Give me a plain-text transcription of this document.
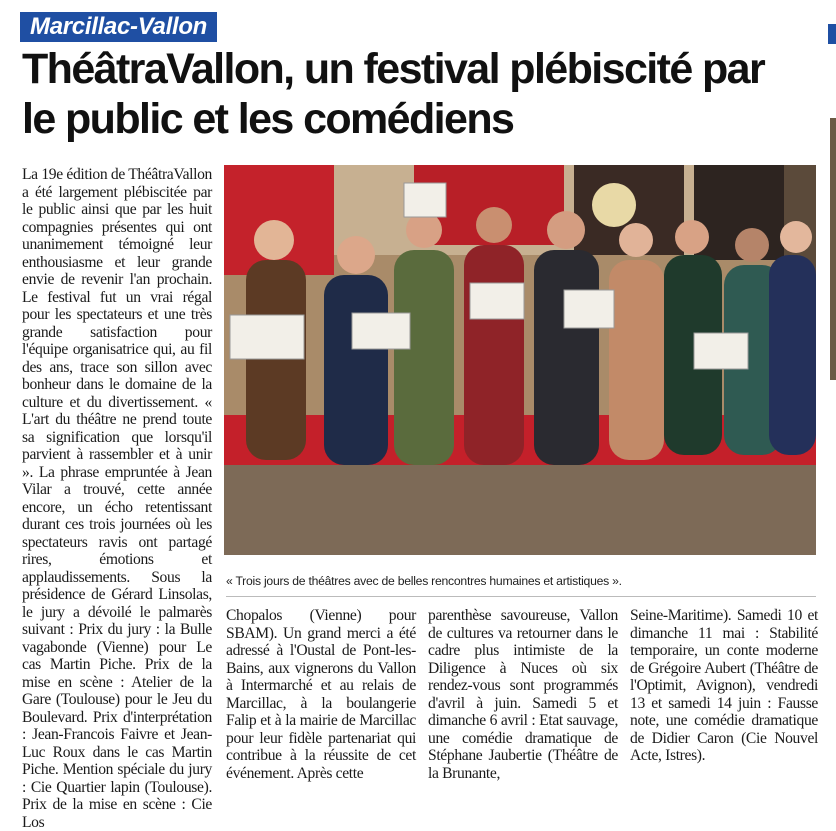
Marcillac-Vallon
ThéâtraVallon, un festival plébiscité par le public et les comédiens

La 19e édition de ThéâtraVallon a été largement plébiscitée par le public ainsi que par les huit compagnies présentes qui ont unanimement témoigné leur enthousiasme et leur grande envie de revenir l'an prochain. Le festival fut un vrai régal pour les spectateurs et une très grande satisfaction pour l'équipe organisatrice qui, au fil des ans, trace son sillon avec bonheur dans le domaine de la culture et du divertissement. « L'art du théâtre ne prend toute sa signification que lorsqu'il parvient à rassembler et à unir ». La phrase empruntée à Jean Vilar a trouvé, cette année encore, un écho retentissant durant ces trois journées où les spectateurs ravis ont partagé rires, émotions et applaudissements. Sous la présidence de Gérard Linsolas, le jury a dévoilé le palmarès suivant : Prix du jury : la Bulle vagabonde (Vienne) pour Le cas Martin Piche. Prix de la mise en scène : Atelier de la Gare (Toulouse) pour le Jeu du Boulevard. Prix d'interprétation : Jean-Francois Faivre et Jean-Luc Roux dans le cas Martin Piche. Mention spéciale du jury : Cie Quartier lapin (Toulouse). Prix de la mise en scène : Cie Los

« Trois jours de théâtres avec de belles rencontres humaines et artistiques ».

Chopalos (Vienne) pour SBAM). Un grand merci a été adressé à l'Oustal de Pont-les-Bains, aux vignerons du Vallon à Intermarché et au relais de Marcillac, à la boulangerie Falip et à la mairie de Marcillac pour leur fidèle partenariat qui contribue à la réussite de cet événement. Après cette

parenthèse savoureuse, Vallon de cultures va retourner dans le cadre plus intimiste de la Diligence à Nuces où six rendez-vous sont programmés d'avril à juin. Samedi 5 et dimanche 6 avril : Etat sauvage, une comédie dramatique de Stéphane Jaubertie (Théâtre de la Brunante,

Seine-Maritime). Samedi 10 et dimanche 11 mai : Stabilité temporaire, un conte moderne de Grégoire Aubert (Théâtre de l'Optimit, Avignon), vendredi 13 et samedi 14 juin : Fausse note, une comédie dramatique de Didier Caron (Cie Nouvel Acte, Istres).
